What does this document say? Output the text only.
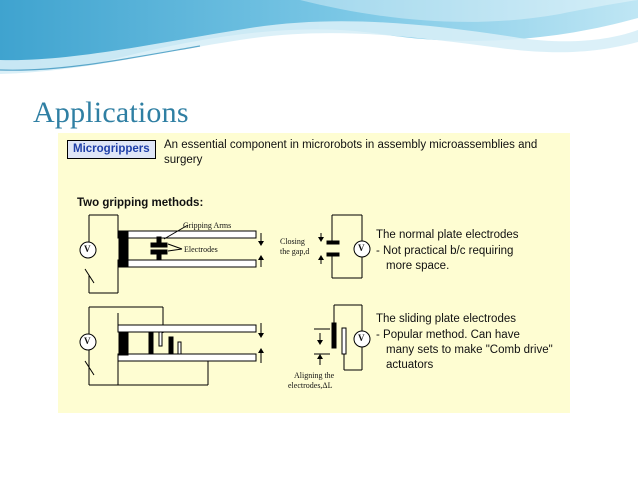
Applications
Microgrippers	An essential component in microrobots in assembly microassemblies and surgery
Two gripping methods:
Gripping Arms
Electrodes
Closing
the gap,d
Aligning the
electrodes,ΔL
V
V
V
V
The normal plate electrodes
- Not practical b/c requiring
more space.
The sliding plate electrodes
- Popular method. Can have
many sets to make "Comb drive"
actuators
